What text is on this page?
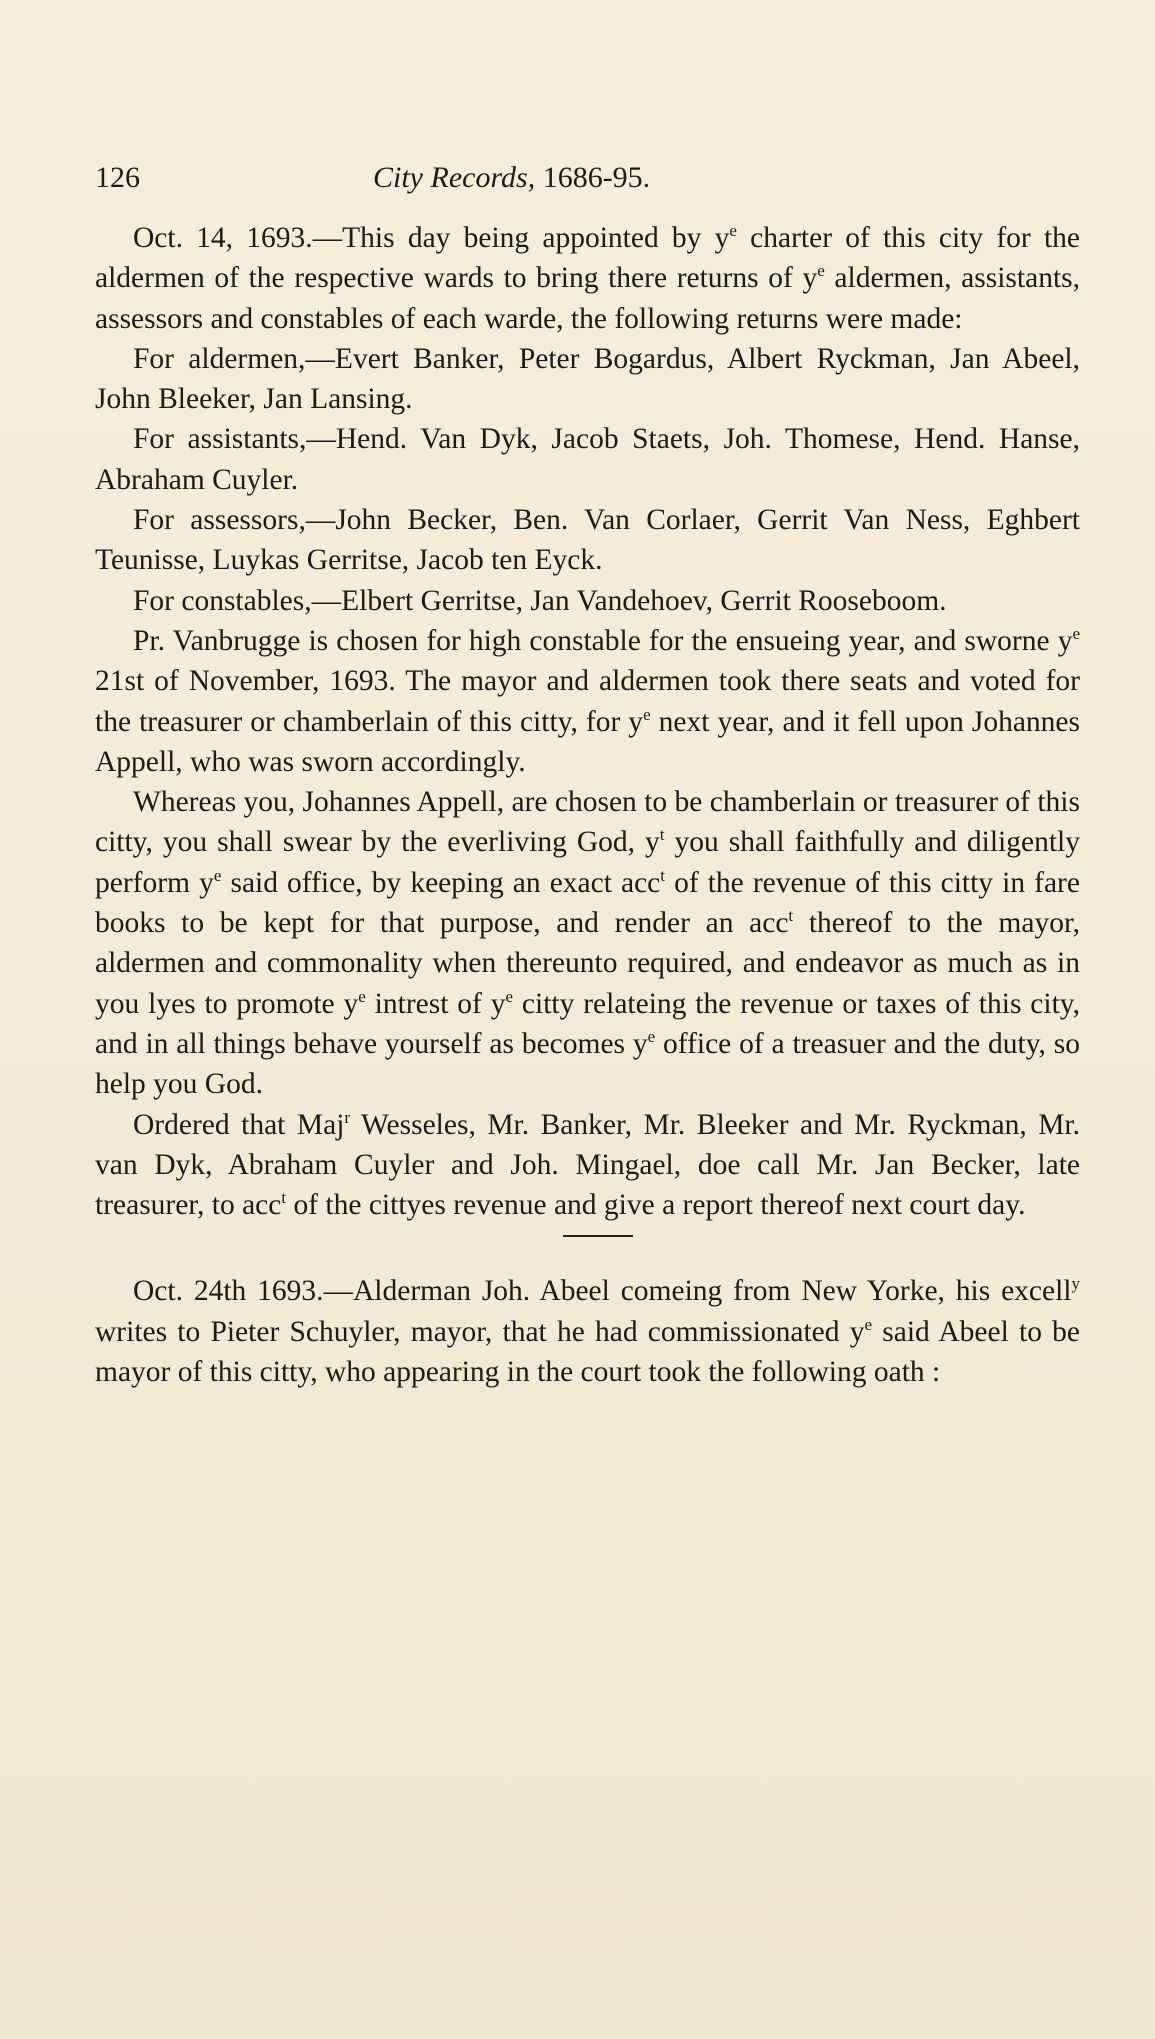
126	City Records, 1686-95.

Oct. 14, 1693.—This day being appointed by $y^e$ charter of this city for the aldermen of the respective wards to bring there returns of $y^e$ aldermen, assistants, assessors and constables of each warde, the following returns were made:

For aldermen,—Evert Banker, Peter Bogardus, Albert Ryckman, Jan Abeel, John Bleeker, Jan Lansing.

For assistants,—Hend. Van Dyk, Jacob Staets, Joh. Thomese, Hend. Hanse, Abraham Cuyler.

For assessors,—John Becker, Ben. Van Corlaer, Gerrit Van Ness, Eghbert Teunisse, Luykas Gerritse, Jacob ten Eyck.

For constables,—Elbert Gerritse, Jan Vandehoev, Gerrit Rooseboom.

Pr. Vanbrugge is chosen for high constable for the ensueing year, and sworne $y^e$ 21st of November, 1693. The mayor and aldermen took there seats and voted for the treasurer or chamberlain of this citty, for $y^e$ next year, and it fell upon Johannes Appell, who was sworn accordingly.

Whereas you, Johannes Appell, are chosen to be chamberlain or treasurer of this citty, you shall swear by the everliving God, $y^t$ you shall faithfully and diligently perform $y^e$ said office, by keeping an exact acc$^t$ of the revenue of this citty in fare books to be kept for that purpose, and render an acc$^t$ thereof to the mayor, aldermen and commonality when thereunto required, and endeavor as much as in you lyes to promote $y^e$ intrest of $y^e$ citty relateing the revenue or taxes of this city, and in all things behave yourself as becomes $y^e$ office of a treasuer and the duty, so help you God.

Ordered that Maj$^r$ Wesseles, Mr. Banker, Mr. Bleeker and Mr. Ryckman, Mr. van Dyk, Abraham Cuyler and Joh. Mingael, doe call Mr. Jan Becker, late treasurer, to acc$^t$ of the cittyes revenue and give a report thereof next court day.

Oct. 24th 1693.—Alderman Joh. Abeel comeing from New Yorke, his excell$^y$ writes to Pieter Schuyler, mayor, that he had commissionated $y^e$ said Abeel to be mayor of this citty, who appearing in the court took the following oath :
